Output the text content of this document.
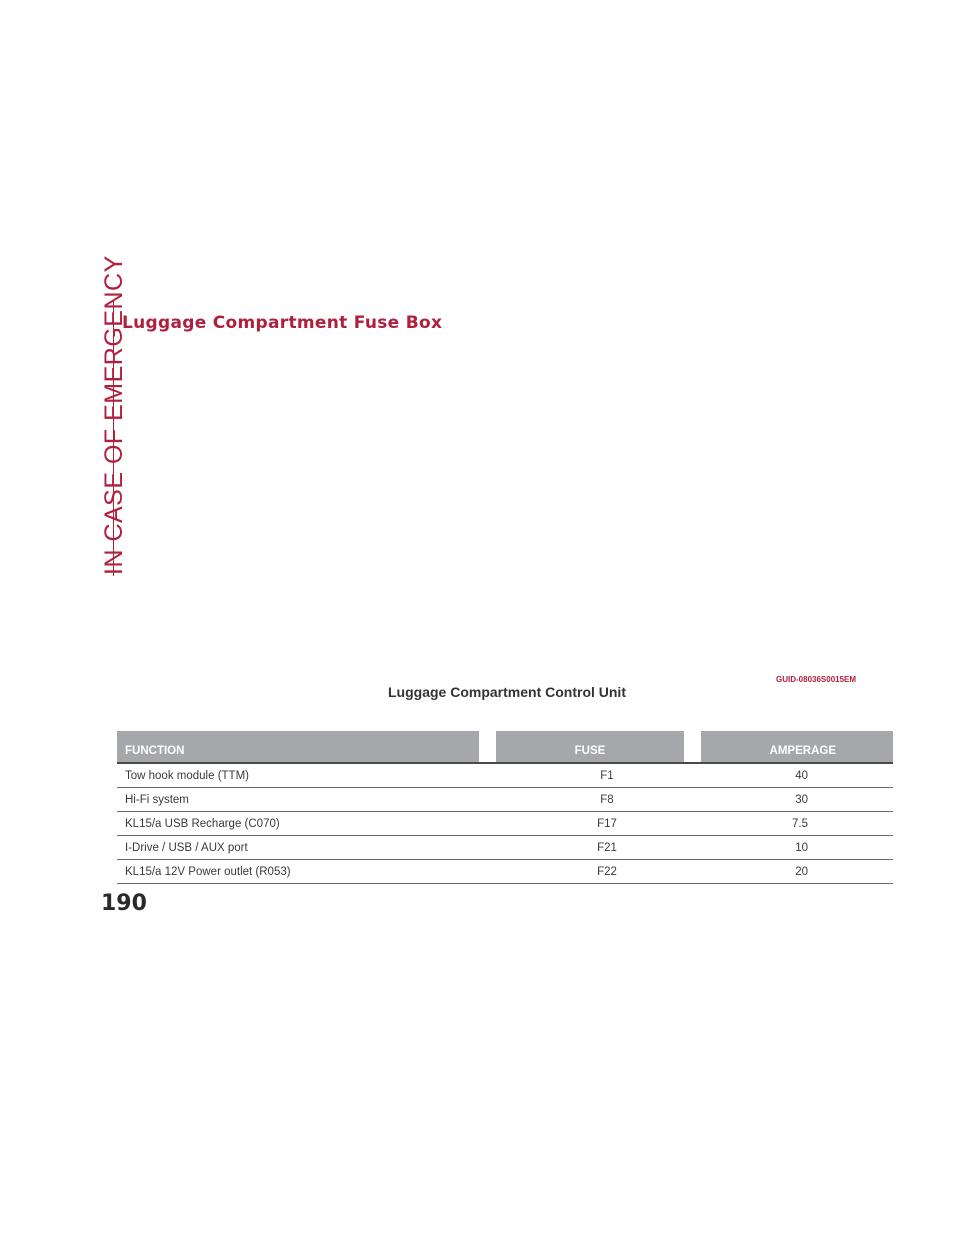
IN CASE OF EMERGENCY
Luggage Compartment Fuse Box
GUID-08036S0015EM
Luggage Compartment Control Unit
FUNCTION	FUSE	AMPERAGE
Tow hook module (TTM)	F1	40
Hi-Fi system	F8	30
KL15/a USB Recharge (C070)	F17	7.5
I-Drive / USB / AUX port	F21	10
KL15/a 12V Power outlet (R053)	F22	20
190
